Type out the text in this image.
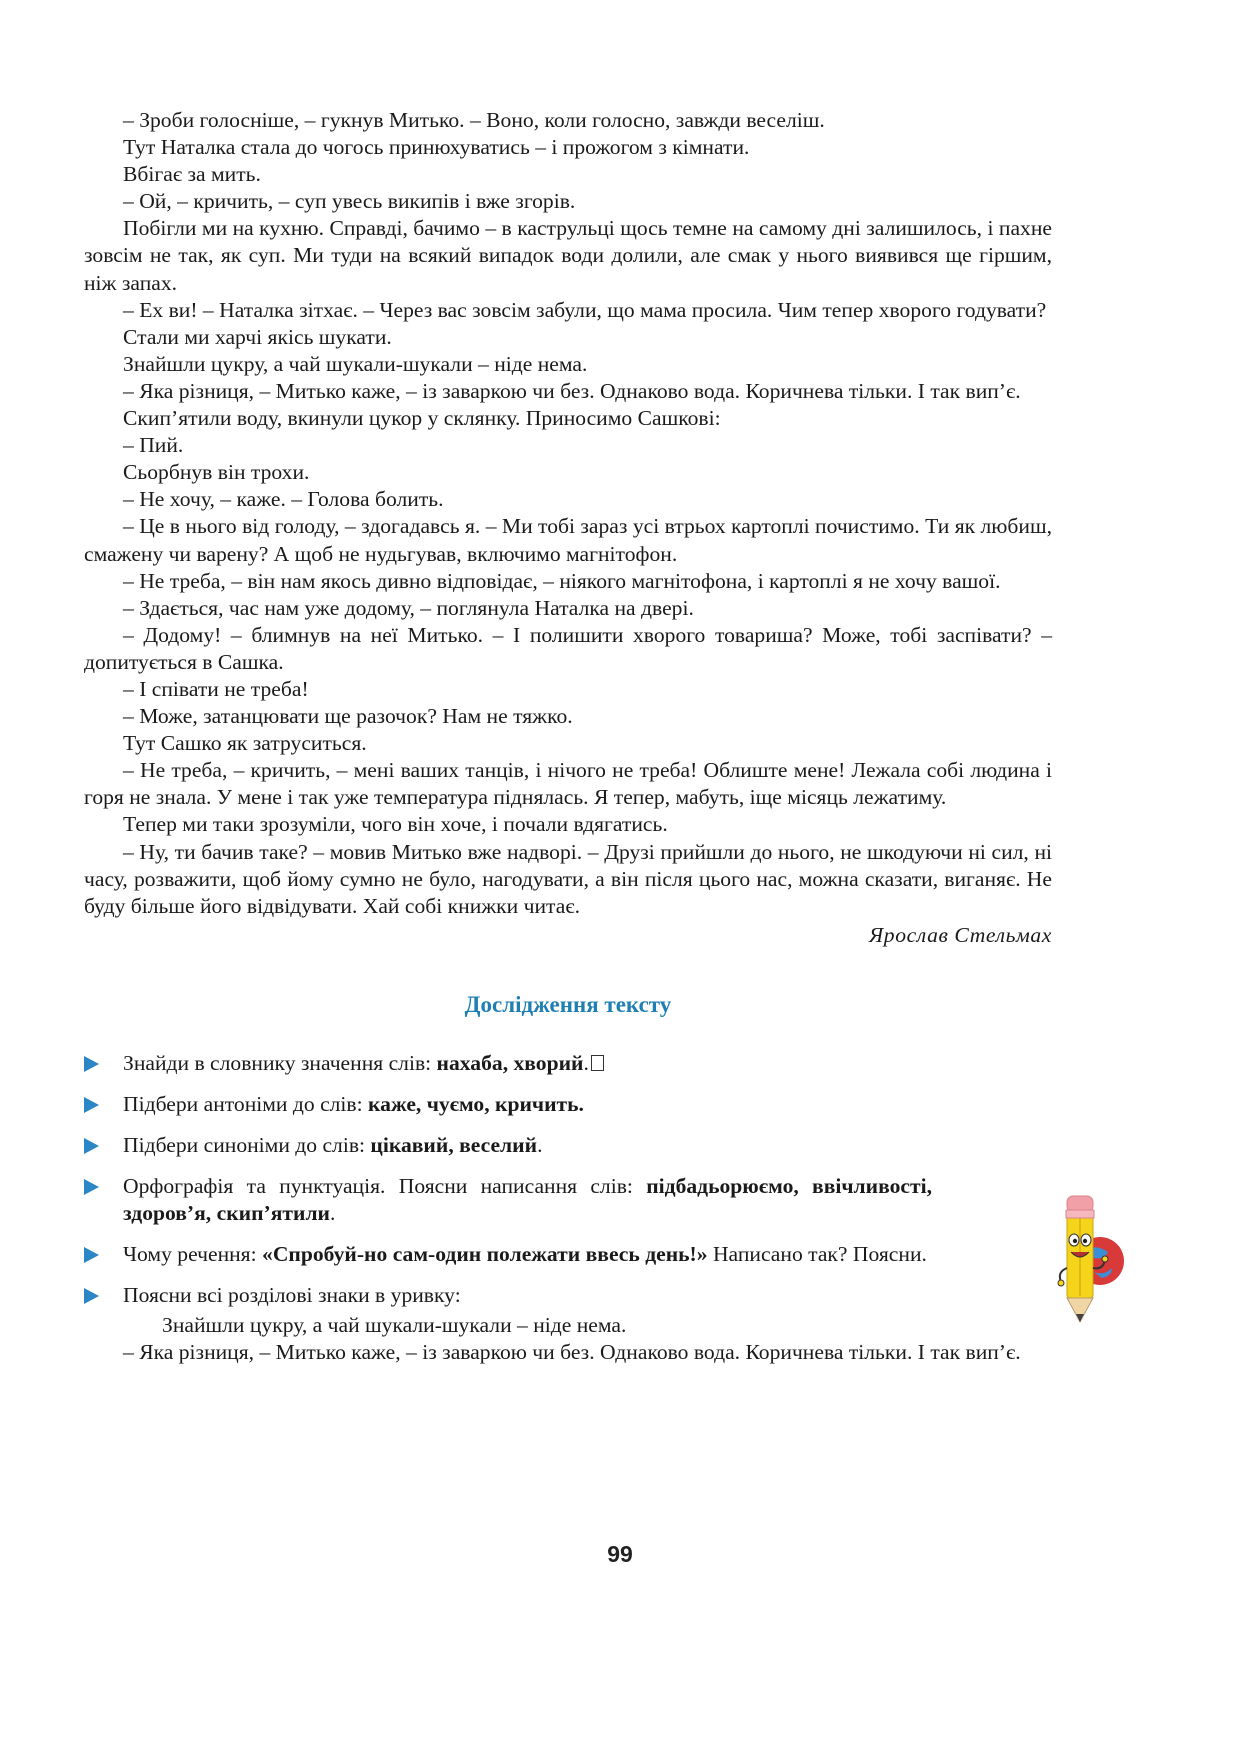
– Зроби голосніше, – гукнув Митько. – Воно, коли голосно, завжди веселіш.

Тут Наталка стала до чогось принюхуватись – і прожогом з кімнати.

Вбігає за мить.

– Ой, – кричить, – суп увесь википів і вже згорів.

Побігли ми на кухню. Справді, бачимо – в каструльці щось темне на самому дні залишилось, і пахне зовсім не так, як суп. Ми туди на всякий випадок води долили, але смак у нього виявився ще гіршим, ніж запах.

– Ех ви! – Наталка зітхає. – Через вас зовсім забули, що мама просила. Чим тепер хворого годувати?

Стали ми харчі якісь шукати.

Знайшли цукру, а чай шукали-шукали – ніде нема.

– Яка різниця, – Митько каже, – із заваркою чи без. Однаково вода. Коричнева тільки. І так вип’є.

Скип’ятили воду, вкинули цукор у склянку. Приносимо Сашкові:

– Пий.

Сьорбнув він трохи.

– Не хочу, – каже. – Голова болить.

– Це в нього від голоду, – здогадавсь я. – Ми тобі зараз усі втрьох картоплі почистимо. Ти як любиш, смажену чи варену? А щоб не нудьгував, включимо магнітофон.

– Не треба, – він нам якось дивно відповідає, – ніякого магнітофона, і картоплі я не хочу вашої.

– Здається, час нам уже додому, – поглянула Наталка на двері.

– Додому! – блимнув на неї Митько. – І полишити хворого товариша? Може, тобі заспівати? – допитується в Сашка.

– І співати не треба!

– Може, затанцювати ще разочок? Нам не тяжко.

Тут Сашко як затруситься.

– Не треба, – кричить, – мені ваших танців, і нічого не треба! Облиште мене! Лежала собі людина і горя не знала. У мене і так уже температура піднялась. Я тепер, мабуть, іще місяць лежатиму.

Тепер ми таки зрозуміли, чого він хоче, і почали вдягатись.

– Ну, ти бачив таке? – мовив Митько вже надворі. – Друзі прийшли до нього, не шкодуючи ні сил, ні часу, розважити, щоб йому сумно не було, нагодувати, а він після цього нас, можна сказати, виганяє. Не буду більше його відвідувати. Хай собі книжки читає.

Ярослав Стельмах

Дослідження тексту
Знайди в словнику значення слів: нахаба, хворий.
Підбери антоніми до слів: каже, чуємо, кричить.
Підбери синоніми до слів: цікавий, веселий.
Орфографія та пунктуація. Поясни написання слів: підбадьорюємо, ввічливості, здоров’я, скип’ятили.
Чому речення: «Спробуй-но сам-один полежати ввесь день!» Написано так? Поясни.
Поясни всі розділові знаки в уривку:

Знайшли цукру, а чай шукали-шукали – ніде нема.

– Яка різниця, – Митько каже, – із заваркою чи без. Однаково вода. Коричнева тільки. І так вип’є.

99
